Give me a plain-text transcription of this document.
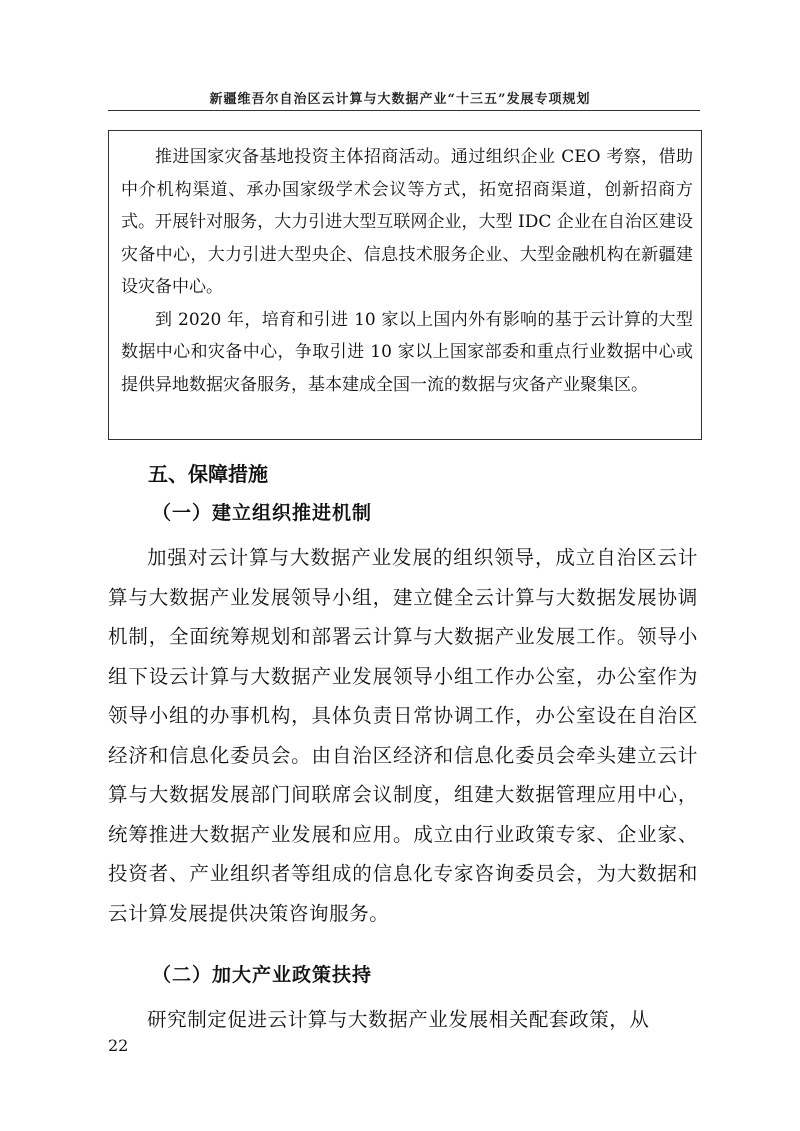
新疆维吾尔自治区云计算与大数据产业“十三五”发展专项规划

推进国家灾备基地投资主体招商活动。通过组织企业 CEO 考察，借助中介机构渠道、承办国家级学术会议等方式，拓宽招商渠道，创新招商方式。开展针对服务，大力引进大型互联网企业，大型 IDC 企业在自治区建设灾备中心，大力引进大型央企、信息技术服务企业、大型金融机构在新疆建设灾备中心。

到 2020 年，培育和引进 10 家以上国内外有影响的基于云计算的大型数据中心和灾备中心，争取引进 10 家以上国家部委和重点行业数据中心或提供异地数据灾备服务，基本建成全国一流的数据与灾备产业聚集区。

五、保障措施
（一）建立组织推进机制

加强对云计算与大数据产业发展的组织领导，成立自治区云计算与大数据产业发展领导小组，建立健全云计算与大数据发展协调机制，全面统筹规划和部署云计算与大数据产业发展工作。领导小组下设云计算与大数据产业发展领导小组工作办公室，办公室作为领导小组的办事机构，具体负责日常协调工作，办公室设在自治区经济和信息化委员会。由自治区经济和信息化委员会牵头建立云计算与大数据发展部门间联席会议制度，组建大数据管理应用中心，统筹推进大数据产业发展和应用。成立由行业政策专家、企业家、投资者、产业组织者等组成的信息化专家咨询委员会，为大数据和云计算发展提供决策咨询服务。

（二）加大产业政策扶持

研究制定促进云计算与大数据产业发展相关配套政策，从

22
